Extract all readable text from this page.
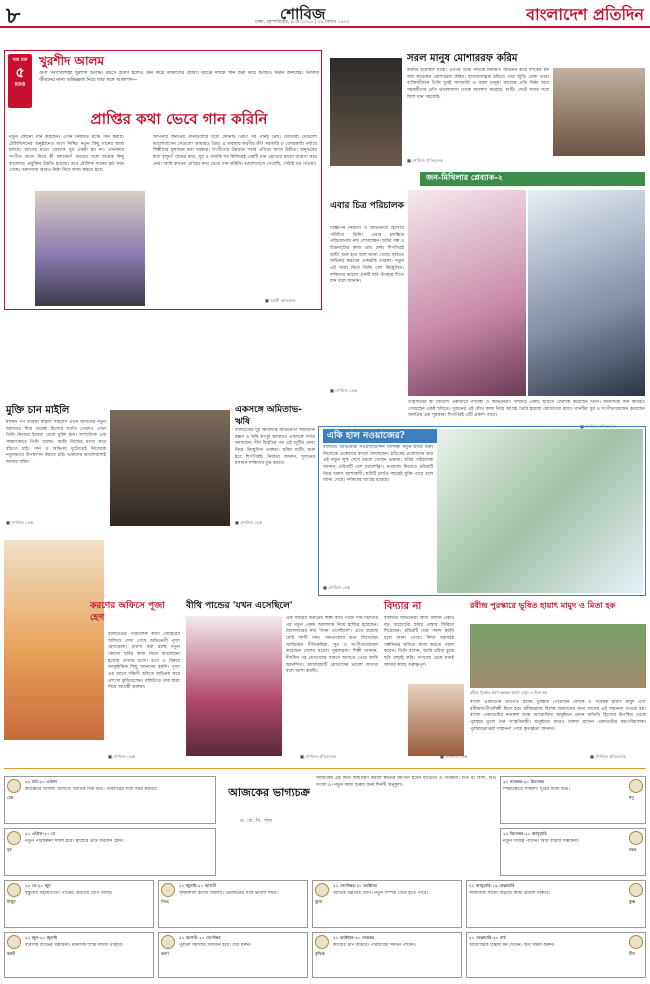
৮	শোবিজ
ঢাকা, বৃহস্পতিবার, ৯ মে ২০১৩ | ২৬ বৈশাখ ১৪২০	বাংলাদেশ প্রতিদিন
খণ্ড চক্র
৫
মিনিট
খুরশীদ আলম
গুণী সংগীতশিল্পী খুরশীদ আলম। বয়সে প্রবীণ হলেও যেন কণ্ঠে তারুণ্যের ছোঁয়া। ষাটের দশকে গান শুরু করে আজও সমান জনপ্রিয়। সংগীত জীবনের নানা অভিজ্ঞতা নিয়ে তার সঙ্গে আলাপন—
প্রাপ্তির কথা ভেবে গান করিনি
নতুন কোনো গান করছেন? এখন নিয়মিত মঞ্চে গান করছি। টেলিভিশনের অনুষ্ঠানেও অংশ নিচ্ছি। নতুন কিছু গানের কাজ চলছে। আগের মতো প্লেব্যাক খুব একটা হয় না। এখনকার সংগীত জগৎ নিয়ে কী বলবেন? সময়ের সঙ্গে অনেক কিছু বদলেছে। প্রযুক্তির উন্নতি হয়েছে। তবে মৌলিক গানের চর্চা কমে গেছে। তরুণদের আরও নিষ্ঠা নিয়ে কাজ করতে হবে।
আপনার জনপ্রিয় গানগুলোর মধ্যে কোনটি প্রিয়? সব গানই প্রিয়। শ্রোতারা যেগুলো ভালোবাসেন সেগুলো আমারও প্রিয়। এ অবস্থায় করণীয় কী? সরকারি ও বেসরকারি পর্যায়ে শিল্পীদের মূল্যায়ন করা দরকার। সংগীতের উন্নয়নে সবার এগিয়ে আসা উচিত। অনুভবের কথা বলুন? গানের কথা, সুর ও গায়কি সব মিলিয়েই একটি গান শ্রোতার হৃদয়ে জায়গা করে নেয়। আমি কখনো প্রাপ্তির কথা ভেবে গান করিনি। ভালোবেসে গেয়েছি, সেটাই বড় পাওয়া।
■ আলী আফতাব
সরল মানুষ মোশাররফ করিম
শুরুটা হয়েছিল মঞ্চে। এরপর টিভি নাটকে নিয়মিত অভিনয় করে দর্শকের মন জয় করেছেন মোশাররফ করিম। হাস্যরসাত্মক চরিত্রে তার জুড়ি মেলা ভার। ব্যক্তিজীবনে তিনি খুবই সাদামাটা ও সরল মানুষ। কাজের প্রতি নিষ্ঠা আর সহকর্মীদের প্রতি ভালোবাসা তাকে আলাদা করেছে। শুটিং সেটে সবার সঙ্গে মিশে যান সহজেই।
■ শোবিজ প্রতিবেদক
জন-মিথিলার প্লেব্যাক-২
এবার চিত্র পরিচালক
বিজ্ঞাপন নির্মাতা ও অভিনেতা হিসেবে পরিচিত তিনি। এবার চলচ্চিত্র পরিচালনায় নাম লেখাচ্ছেন। ছবির গল্প ও চিত্রনাট্যের কাজ প্রায় শেষ। শিগগিরই শুটিং শুরু হবে বলে জানা গেছে। ছবিতে অভিনয় করবেন একঝাঁক তারকা। নতুন এই যাত্রা নিয়ে তিনি বেশ উচ্ছ্বসিত। দর্শকদের ভালো একটি ছবি উপহার দিতে চান বলে জানান।
■ শোবিজ ডেস্ক
তাহসানের স্ত্রী মিথিলা একাধারে গায়িকা ও অভিনেত্রী। সম্প্রতি একটি ছবিতে প্লেব্যাক করেছেন তিনি। অন্যদিকে জন কবিরও গেয়েছেন একই ছবিতে। দুজনের এই যৌথ কাজ নিয়ে আগ্রহ তৈরি হয়েছে শ্রোতাদের মধ্যে। গানটির সুর ও সংগীতায়োজন করেছেন জনপ্রিয় এক সুরকার। শিগগিরই এটি প্রকাশ পাবে।
■ শোবিজ প্রতিবেদক
মুক্তি চান মাইলি
মার্কিন পপ তারকা মাইলি সাইরাস এখন জীবনের নতুন অধ্যায়ে। শিশু তারকা হিসেবে খ্যাতি পেলেও এখন তিনি নিজের ইমেজ থেকে মুক্তি চান। সাম্প্রতিক এক সাক্ষাৎকারে তিনি বলেন, আমি নিজের মতো করে বাঁচতে চাই। গান ও অভিনয় দুটোতেই নিজেকে নতুনভাবে উপস্থাপন করতে চাই। ভক্তদের ভালোবাসাই আমার শক্তি।
■ শোবিজ ডেস্ক
একসঙ্গে অমিতাভ-ঋষি
বলিউডের দুই কিংবদন্তি অভিনেতা অমিতাভ বচ্চন ও ঋষি কাপুর আবারও একসঙ্গে পর্দায় আসছেন। দীর্ঘ বিরতির পর এই জুটির ফেরা নিয়ে উচ্ছ্বসিত ভক্তরা। ছবির শুটিং শুরু হবে শিগগিরই। নির্মাতা জানান, দুজনের রসায়ন দর্শকদের মুগ্ধ করবে।
■ শোবিজ ডেস্ক
একি হাল নওয়াজের?
বলিউড অভিনেতা নওয়াজউদ্দিন সিদ্দিকী নতুন ছবির জন্য নিজেকে একেবারে বদলে ফেলেছেন। চরিত্রের প্রয়োজনে তার এই নতুন লুক দেখে চমকে গেছেন ভক্তরা। ছবির পরিচালক জানান, চরিত্রটি বেশ চ্যালেঞ্জিং। নওয়াজ নিজেও চরিত্রটি নিয়ে দারুণ আশাবাদী। ছবিটি চলতি বছরেই মুক্তি পাবে বলে জানা গেছে। দর্শকদের আগ্রহ বাড়ছে।
■ শোবিজ ডেস্ক
করণের অফিসে পূজা হেগ
বলিউডের পরিচালক করণ জোহরের অফিসে দেখা গেছে অভিনেত্রী পূজা হেগড়েকে। ধারণা করা হচ্ছে নতুন কোনো ছবির কাজ নিয়ে আলোচনা হয়েছে তাদের মধ্যে। তবে এ বিষয়ে আনুষ্ঠানিক কিছু জানানো হয়নি। পূজা এর আগে দক্ষিণী ছবিতে অভিনয় করে প্রশংসা কুড়িয়েছেন। বলিউডে তার যাত্রা নিয়ে আগ্রহী ভক্তরা।
■ শোবিজ ডেস্ক
বীথি পান্ডের 'যখন এসেছিলে'
এক সময়ের জনপ্রিয় শিল্পী বীথি পান্ডে দীর্ঘ বিরতির পর নতুন একক অ্যালবাম নিয়ে হাজির হয়েছেন। অ্যালবামের নাম 'যখন এসেছিলে'। এতে রয়েছে মোট দশটি গান। গানগুলোর কথা লিখেছেন খ্যাতিমান গীতিকবিরা, সুর ও সংগীতায়োজন করেছেন দেশের বরেণ্য সুরকাররা। শিল্পী জানান, দীর্ঘদিন পর শ্রোতাদের সামনে আসতে পেরে আমি আনন্দিত। অ্যালবামটি শ্রোতাদের ভালো লাগবে বলে আশা করছি।
■ শোবিজ প্রতিবেদক
বিদ্যার না
বলিউড অভিনেত্রী বিদ্যা বালান একটি বড় বাজেটের ছবির প্রস্তাব ফিরিয়ে দিয়েছেন। চরিত্রটি তার পছন্দ হয়নি বলে জানা গেছে। বিদ্যা বরাবরই গল্পনির্ভর ছবিতে কাজ করতে পছন্দ করেন। তিনি বলেন, আমি চরিত্র বুঝে ছবি বাছাই করি। সংখ্যার চেয়ে মানই আমার কাছে গুরুত্বপূর্ণ।
■ শোবিজ ডেস্ক
রবীন্দ্র পুরস্কারে ভূষিত হায়াৎ মামুদ ও মিতা হক
রবীন্দ্র পুরস্কার গ্রহণ করছেন হায়াৎ মামুদ ও মিতা হক
বাংলা একাডেমি প্রবর্তিত রবীন্দ্র পুরস্কার পেয়েছেন লেখক ও গবেষক হায়াৎ মামুদ এবং রবীন্দ্রসংগীতশিল্পী মিতা হক। রবীন্দ্রচর্চায় বিশেষ অবদানের জন্য তাদের এই সম্মাননা দেওয়া হয়। বাংলা একাডেমির নজরুল মঞ্চে আয়োজিত অনুষ্ঠানে প্রধান অতিথি হিসেবে উপস্থিত থেকে পুরস্কার তুলে দেন সংস্কৃতিমন্ত্রী। অনুষ্ঠানে আরও বক্তব্য রাখেন একাডেমির মহাপরিচালক। পুরস্কারপ্রাপ্তরা সম্মাননা পেয়ে কৃতজ্ঞতা জানান।
■ শোবিজ প্রতিবেদক
আজকের ভাগ্যচক্র
ড. কে. সি. পাল
আজকের এই দিনে জন্মগ্রহণ করলে স্বভাবে আপনি হবেন দৃঢ়চেতা ও পরিশ্রমী। শুভ রং লাল, শুভ সংখ্যা ৯। নতুন কাজ শুরুর জন্য দিনটি অনুকূল।
২১ মার্চ-২০ এপ্রিল
মেষ
কর্মক্ষেত্রে সাফল্য আসবে। আর্থিক দিক শুভ। পরিবারের সঙ্গে সময় কাটবে।
২১ এপ্রিল-২০ মে
বৃষ
নতুন পরিকল্পনা সফল হবে। স্বাস্থ্যের প্রতি যত্নবান হোন।
২১ মে-২০ জুন
মিথুন
বন্ধুদের সহযোগিতা পাবেন। ভ্রমণের যোগ আছে।
২১ জুন-২০ জুলাই
কর্কট
ব্যবসায় লাভের সম্ভাবনা। মানসিক শান্তি বজায় থাকবে।
২১ জুলাই-২০ আগস্ট
সিংহ
সৃজনশীল কাজে সাফল্য। প্রিয়জনের সঙ্গে ভালো সময়।
২১ আগস্ট-২০ সেপ্টেম্বর
কন্যা
পুরনো সমস্যার সমাধান হবে। ধৈর্য ধরুন।
২১ সেপ্টেম্বর-২০ অক্টোবর
তুলা
আর্থিক উন্নতির যোগ। নতুন সম্পর্ক তৈরি হতে পারে।
২১ অক্টোবর-২০ নভেম্বর
বৃশ্চিক
কাজের চাপ বাড়বে। পরিবারের সমর্থন পাবেন।
২১ নভেম্বর-২০ ডিসেম্বর
ধনু
শিক্ষাক্ষেত্রে সাফল্য। দূরের যাত্রা শুভ।
২১ ডিসেম্বর-২০ জানুয়ারি
মকর
নতুন দায়িত্ব পাবেন। আয় বাড়ার সম্ভাবনা।
২১ জানুয়ারি-১৯ ফেব্রুয়ারি
কুম্ভ
সামাজিক সম্মান বাড়বে। স্বাস্থ্য ভালো থাকবে।
২০ ফেব্রুয়ারি-২০ মার্চ
মীন
আধ্যাত্মিক চিন্তায় মন দেবেন। অর্থ সঞ্চয় করুন।
